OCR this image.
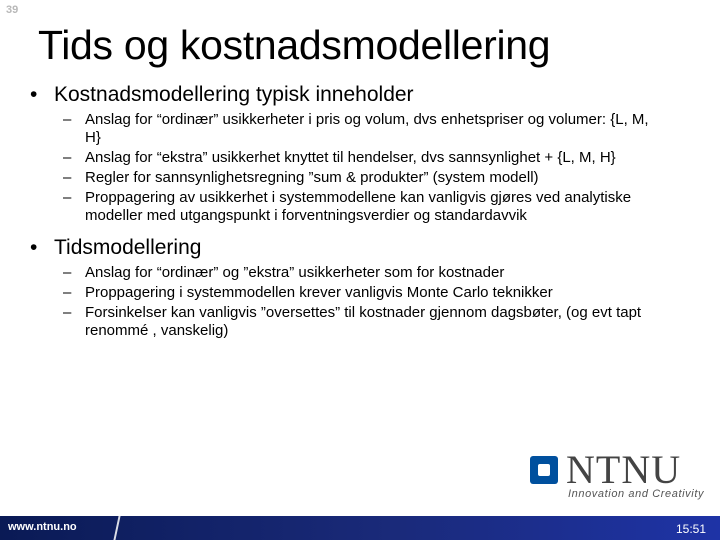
39
Tids og kostnadsmodellering
• Kostnadsmodellering typisk inneholder
– Anslag for “ordinær” usikkerheter i pris og volum, dvs enhetspriser og volumer: {L, M, H}
– Anslag for “ekstra” usikkerhet knyttet til hendelser, dvs sannsynlighet + {L, M, H}
– Regler for sannsynlighetsregning ”sum & produkter” (system modell)
– Proppagering av usikkerhet i systemmodellene kan vanligvis gjøres ved analytiske modeller med utgangspunkt i forventningsverdier og standardavvik
• Tidsmodellering
– Anslag for “ordinær” og ”ekstra” usikkerheter som for kostnader
– Proppagering i systemmodellen krever vanligvis Monte Carlo teknikker
– Forsinkelser kan vanligvis ”oversettes” til kostnader gjennom dagsbøter, (og evt tapt renommé , vanskelig)
NTNU
Innovation and Creativity
www.ntnu.no	15:51
